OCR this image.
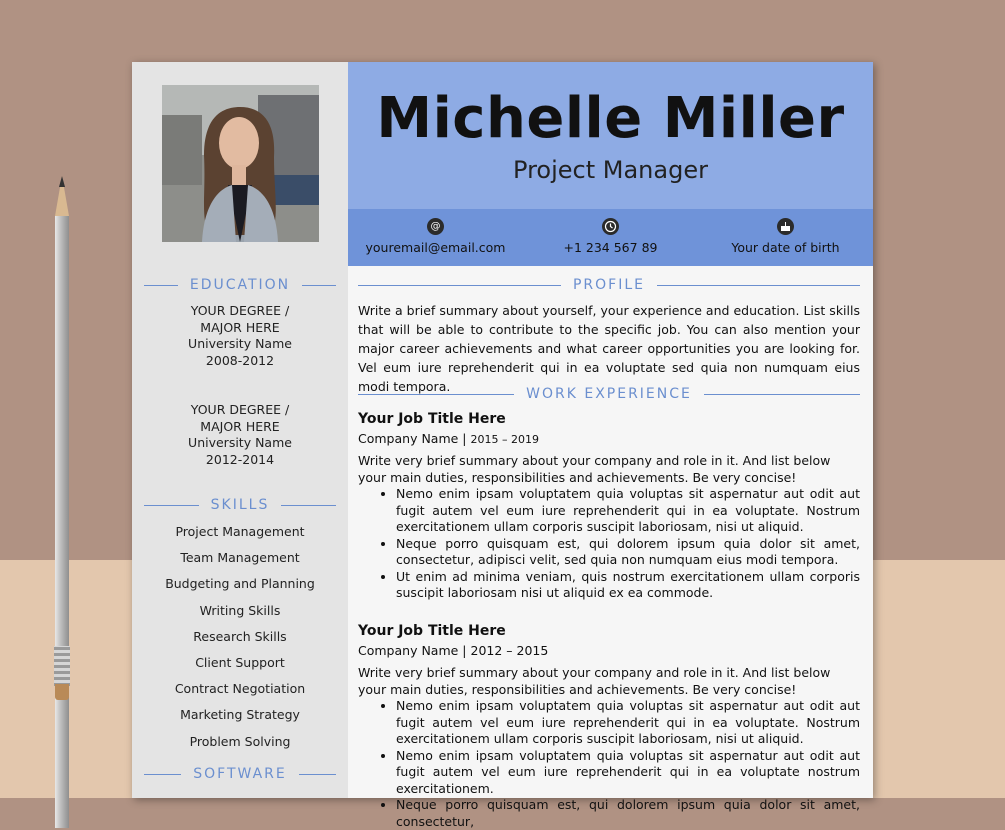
EDUCATION
YOUR DEGREE /
MAJOR HERE
University Name
2008-2012
YOUR DEGREE /
MAJOR HERE
University Name
2012-2014
SKILLS
Project Management
Team Management
Budgeting and Planning
Writing Skills
Research Skills
Client Support
Contract Negotiation
Marketing Strategy
Problem Solving
SOFTWARE
Michelle Miller
Project Manager
@
youremail@email.com	+1 234 567 89	Your date of birth
PROFILE
Write a brief summary about yourself, your experience and education. List skills that will be able to contribute to the specific job. You can also mention your major career achievements and what career opportunities you are looking for. Vel eum iure reprehenderit qui in ea voluptate sed quia non numquam eius modi tempora.	WORK EXPERIENCE
Your Job Title Here
Company Name | 2015 – 2019
Write very brief summary about your company and role in it. And list below your main duties, responsibilities and achievements. Be very concise!
• Nemo enim ipsam voluptatem quia voluptas sit aspernatur aut odit aut fugit autem vel eum iure reprehenderit qui in ea voluptate. Nostrum exercitationem ullam corporis suscipit laboriosam, nisi ut aliquid.
• Neque porro quisquam est, qui dolorem ipsum quia dolor sit amet, consectetur, adipisci velit, sed quia non numquam eius modi tempora.
• Ut enim ad minima veniam, quis nostrum exercitationem ullam corporis suscipit laboriosam nisi ut aliquid ex ea commode.
Your Job Title Here
Company Name | 2012 – 2015
Write very brief summary about your company and role in it. And list below your main duties, responsibilities and achievements. Be very concise!
• Nemo enim ipsam voluptatem quia voluptas sit aspernatur aut odit aut fugit autem vel eum iure reprehenderit qui in ea voluptate. Nostrum exercitationem ullam corporis suscipit laboriosam, nisi ut aliquid.
• Nemo enim ipsam voluptatem quia voluptas sit aspernatur aut odit aut fugit autem vel eum iure reprehenderit qui in ea voluptate nostrum exercitationem.
• Neque porro quisquam est, qui dolorem ipsum quia dolor sit amet, consectetur,
